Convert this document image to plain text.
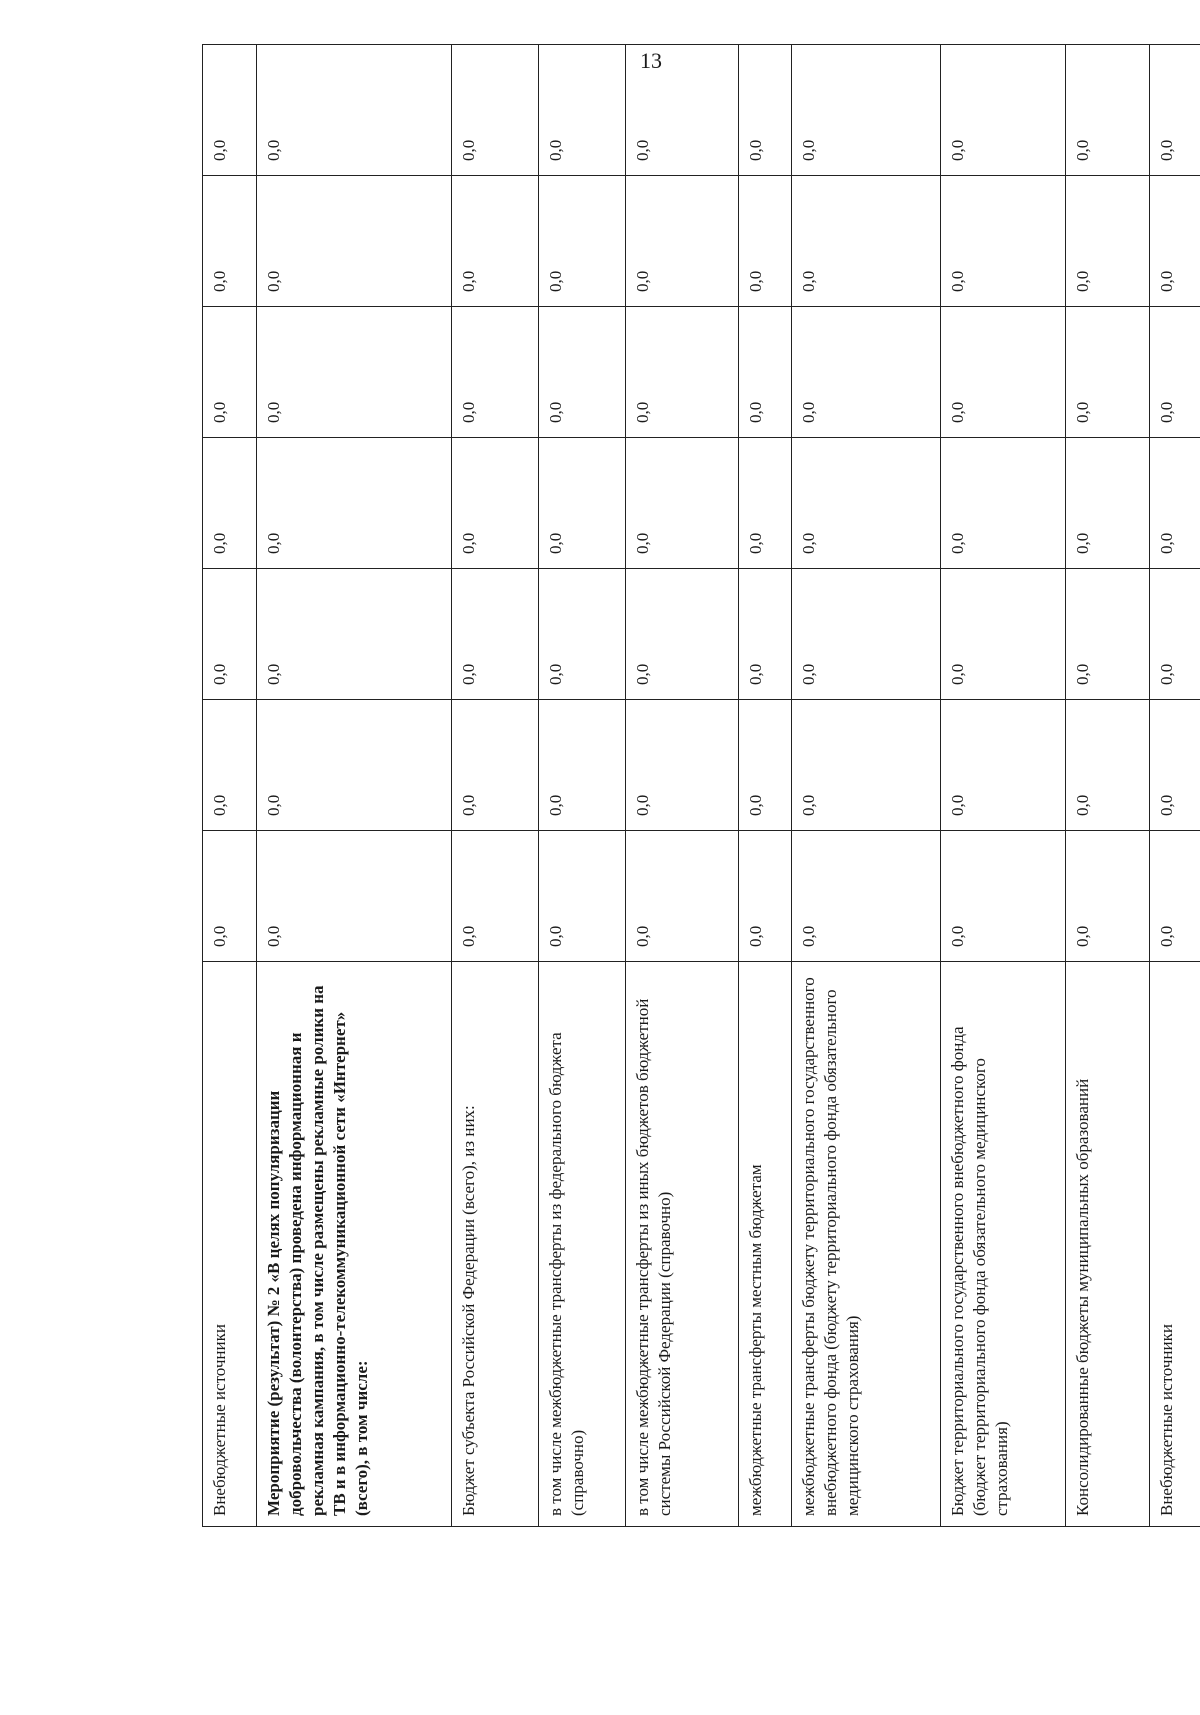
13
Внебюджетные источники	0,0	0,0	0,0	0,0	0,0	0,0	0,0
Мероприятие (результат) № 2 «В целях популяризации добровольчества (волонтерства) проведена информационная и рекламная кампания, в том числе размещены рекламные ролики на ТВ и в информационно-телекоммуникационной сети «Интернет» (всего), в том числе:	0,0	0,0	0,0	0,0	0,0	0,0	0,0
Бюджет субъекта Российской Федерации (всего), из них:	0,0	0,0	0,0	0,0	0,0	0,0	0,0
в том числе межбюджетные трансферты из федерального бюджета (справочно)	0,0	0,0	0,0	0,0	0,0	0,0	0,0
в том числе межбюджетные трансферты из иных бюджетов бюджетной системы Российской Федерации (справочно)	0,0	0,0	0,0	0,0	0,0	0,0	0,0
межбюджетные трансферты местным бюджетам	0,0	0,0	0,0	0,0	0,0	0,0	0,0
межбюджетные трансферты бюджету территориального государственного внебюджетного фонда (бюджету территориального фонда обязательного медицинского страхования)	0,0	0,0	0,0	0,0	0,0	0,0	0,0
Бюджет территориального государственного внебюджетного фонда (бюджет территориального фонда обязательного медицинского страхования)	0,0	0,0	0,0	0,0	0,0	0,0	0,0
Консолидированные бюджеты муниципальных образований	0,0	0,0	0,0	0,0	0,0	0,0	0,0
Внебюджетные источники	0,0	0,0	0,0	0,0	0,0	0,0	0,0
